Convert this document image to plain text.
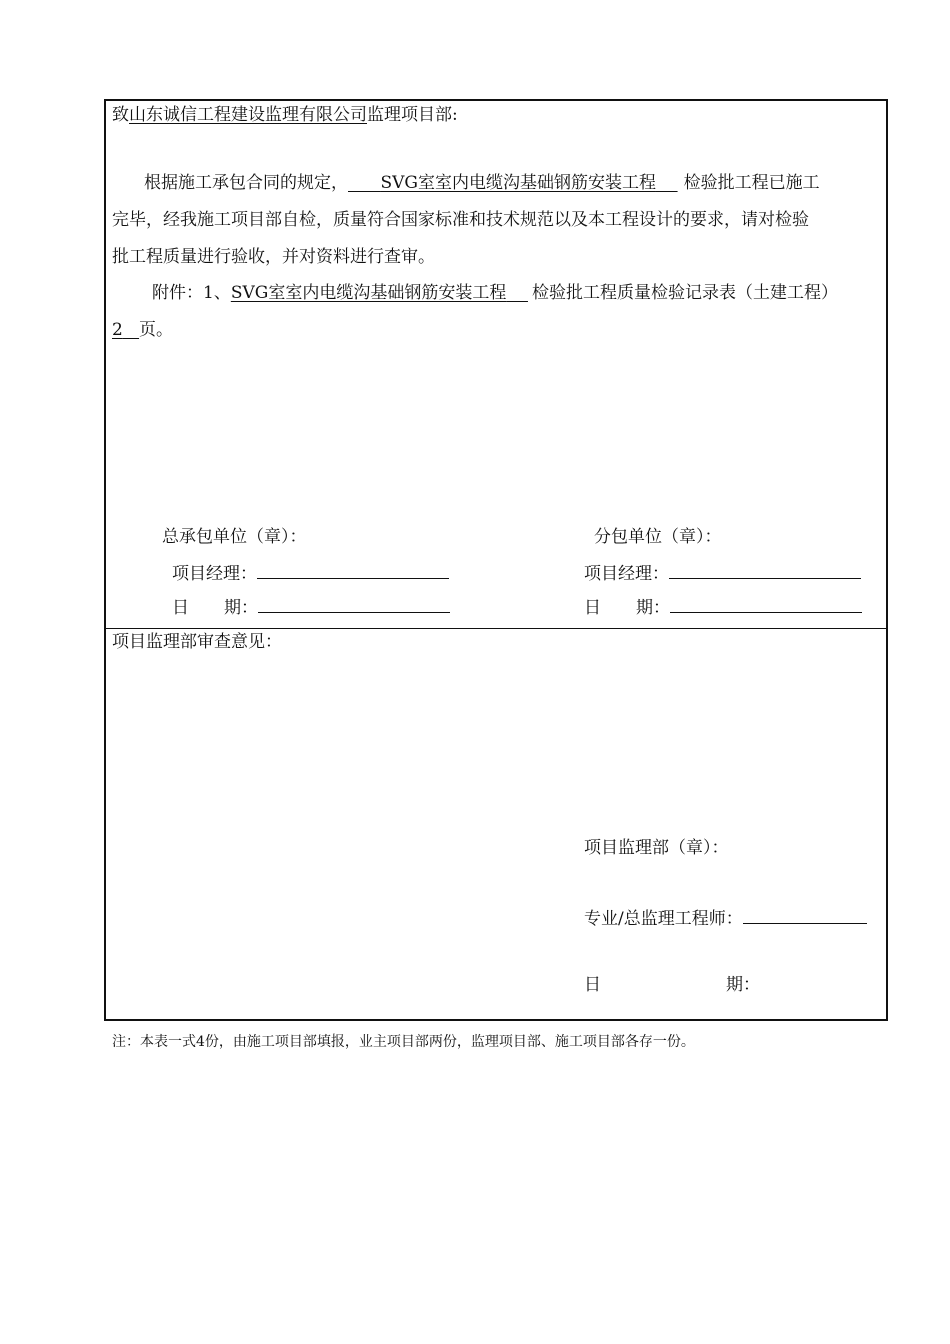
致山东诚信工程建设监理有限公司监理项目部:
根据施工承包合同的规定， SVG室室内电缆沟基础钢筋安装工程 检验批工程已施工
完毕，经我施工项目部自检，质量符合国家标准和技术规范以及本工程设计的要求，请对检验
批工程质量进行验收，并对资料进行查审。
附件：1、SVG室室内电缆沟基础钢筋安装工程 检验批工程质量检验记录表（土建工程）
2 页。
总承包单位（章）：	分包单位（章）：
项目经理：	项目经理：
日 期：	日 期：
项目监理部审查意见：
项目监理部（章）：
专业/总监理工程师：
日	期：
注：本表一式4份，由施工项目部填报，业主项目部两份，监理项目部、施工项目部各存一份。
